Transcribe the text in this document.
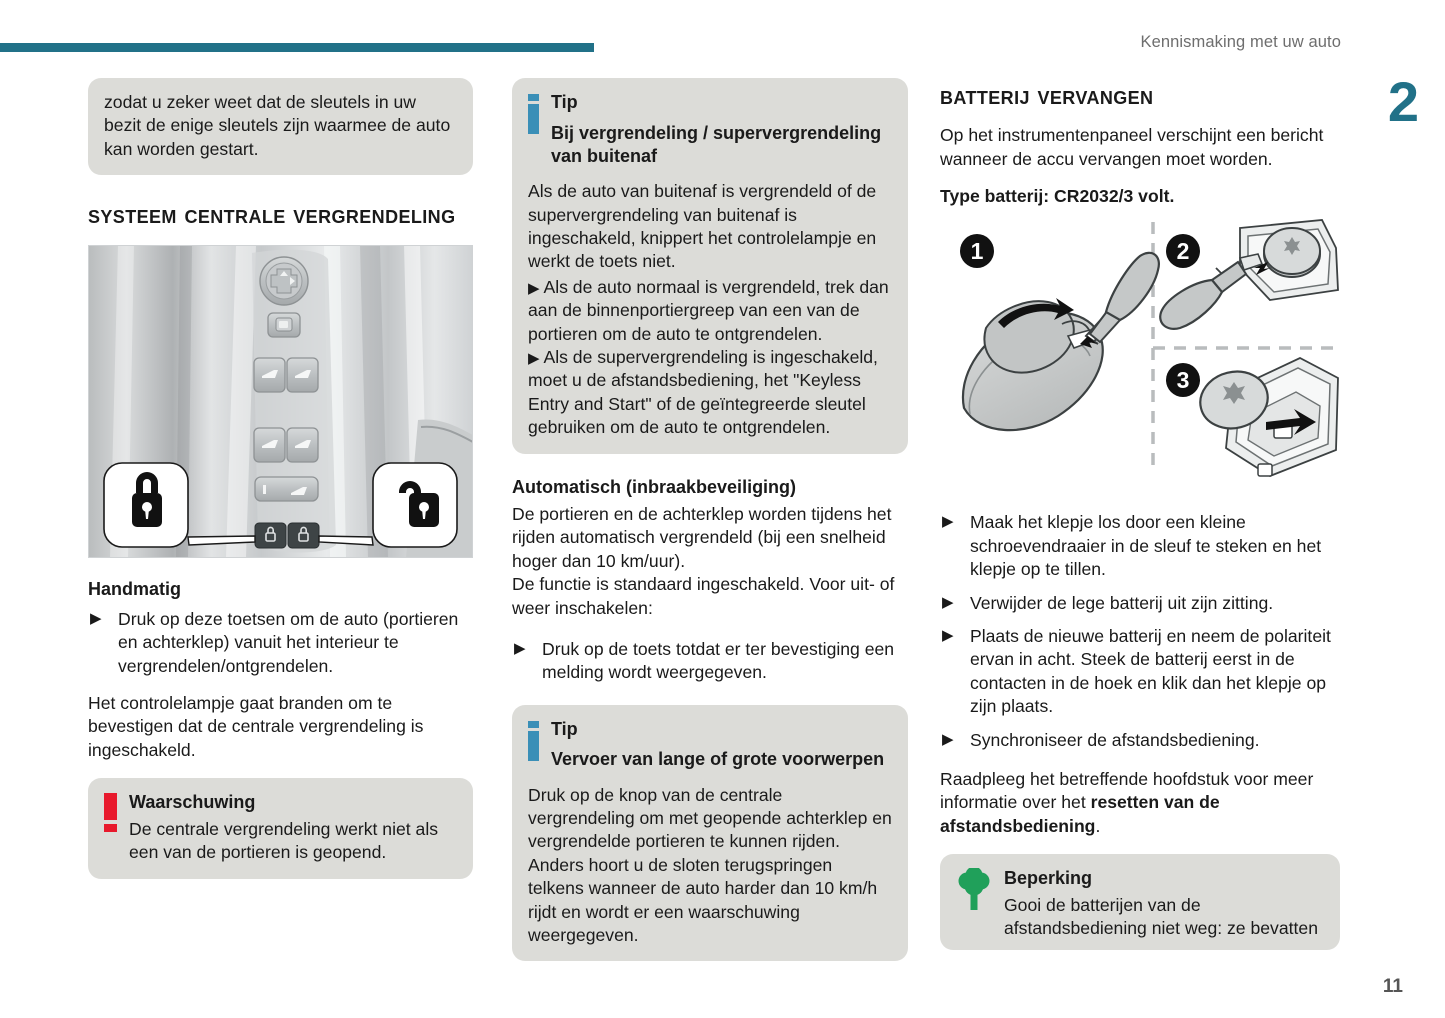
Kennismaking met uw auto
2
11

zodat u zeker weet dat de sleutels in uw bezit de enige sleutels zijn waarmee de auto kan worden gestart.

systeem centrale vergrendeling
Handmatig
▶ Druk op deze toetsen om de auto (portieren en achterklep) vanuit het interieur te vergrendelen/ontgrendelen.

Het controlelampje gaat branden om te bevestigen dat de centrale vergrendeling is ingeschakeld.

Waarschuwing
De centrale vergrendeling werkt niet als een van de portieren is geopend.
Tip
Bij vergrendeling / supervergrendeling van buitenaf

Als de auto van buitenaf is vergrendeld of de supervergrendeling van buitenaf is ingeschakeld, knippert het controlelampje en werkt de toets niet.

▶ Als de auto normaal is vergrendeld, trek dan aan de binnenportiergreep van een van de portieren om de auto te ontgrendelen.

▶ Als de supervergrendeling is ingeschakeld, moet u de afstandsbediening, het "Keyless Entry and Start" of de geïntegreerde sleutel gebruiken om de auto te ontgrendelen.

Automatisch (inbraakbeveiliging)

De portieren en de achterklep worden tijdens het rijden automatisch vergrendeld (bij een snelheid hoger dan 10 km/uur).

De functie is standaard ingeschakeld. Voor uit- of weer inschakelen:

▶ Druk op de toets totdat er ter bevestiging een melding wordt weergegeven.
Tip
Vervoer van lange of grote voorwerpen

Druk op de knop van de centrale vergrendeling om met geopende achterklep en vergrendelde portieren te kunnen rijden. Anders hoort u de sloten terugspringen telkens wanneer de auto harder dan 10 km/h rijdt en wordt er een waarschuwing weergegeven.

batterij vervangen

Op het instrumentenpaneel verschijnt een bericht wanneer de accu vervangen moet worden.

Type batterij: CR2032/3 volt.

1	2
3
▶ Maak het klepje los door een kleine schroevendraaier in de sleuf te steken en het klepje op te tillen.
▶ Verwijder de lege batterij uit zijn zitting.
▶ Plaats de nieuwe batterij en neem de polariteit ervan in acht. Steek de batterij eerst in de contacten in de hoek en klik dan het klepje op zijn plaats.
▶ Synchroniseer de afstandsbediening.

Raadpleeg het betreffende hoofdstuk voor meer informatie over het resetten van de afstandsbediening.

Beperking
Gooi de batterijen van de afstandsbediening niet weg: ze bevatten
